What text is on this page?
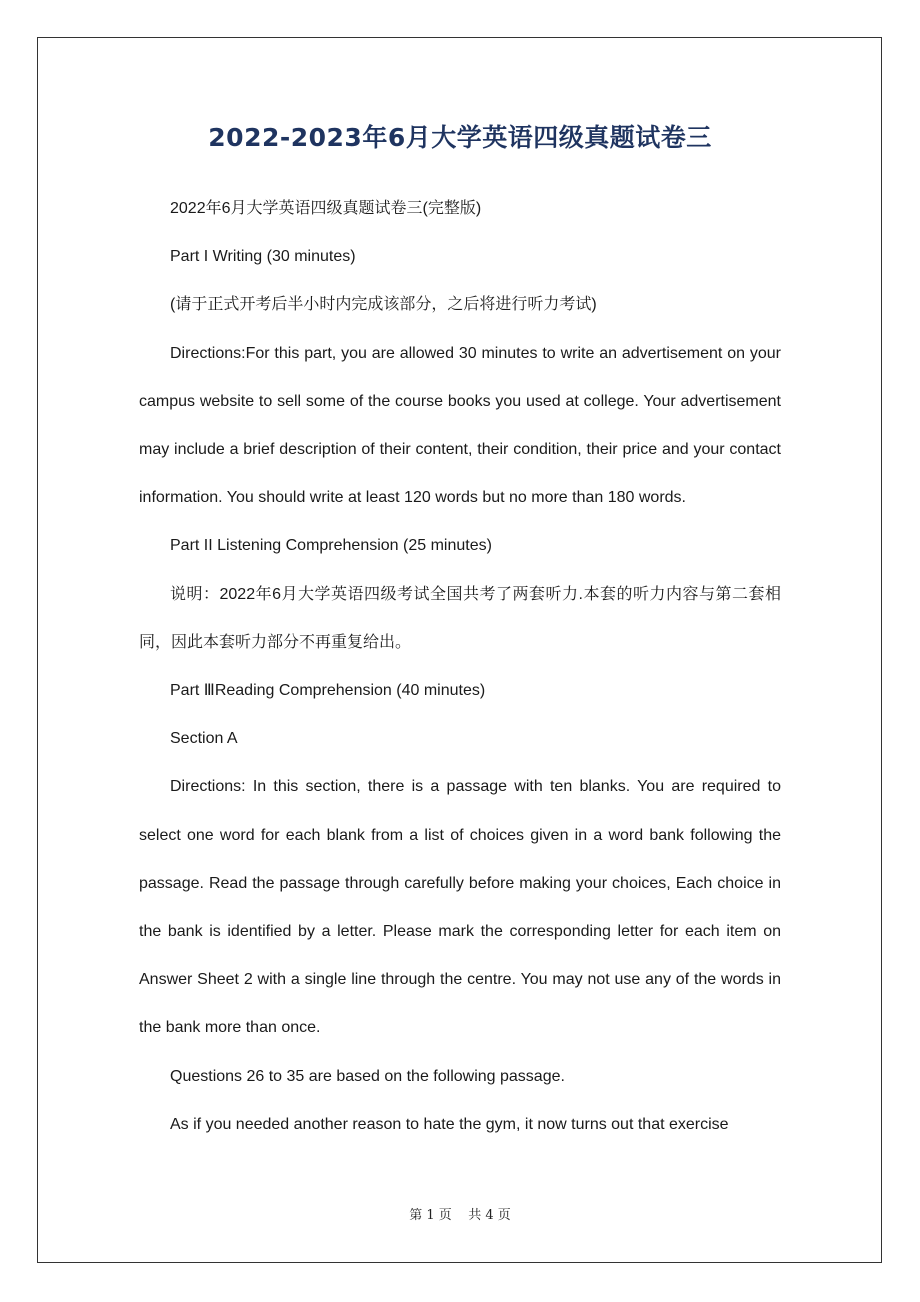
2022-2023年6月大学英语四级真题试卷三

2022年6月大学英语四级真题试卷三(完整版)

Part I Writing (30 minutes)

(请于正式开考后半小时内完成该部分，之后将进行听力考试)

Directions:For this part, you are allowed 30 minutes to write an advertisement on your campus website to sell some of the course books you used at college. Your advertisement may include a brief description of their content, their condition, their price and your contact information. You should write at least 120 words but no more than 180 words.

Part II Listening Comprehension (25 minutes)

说明：2022年6月大学英语四级考试全国共考了两套听力.本套的听力内容与第二套相同，因此本套听力部分不再重复给出。

Part ⅢReading Comprehension (40 minutes)

Section A

Directions: In this section, there is a passage with ten blanks. You are required to select one word for each blank from a list of choices given in a word bank following the passage. Read the passage through carefully before making your choices, Each choice in the bank is identified by a letter. Please mark the corresponding letter for each item on Answer Sheet 2 with a single line through the centre. You may not use any of the words in the bank more than once.

Questions 26 to 35 are based on the following passage.

As if you needed another reason to hate the gym, it now turns out that exercise

第 1 页 共 4 页
